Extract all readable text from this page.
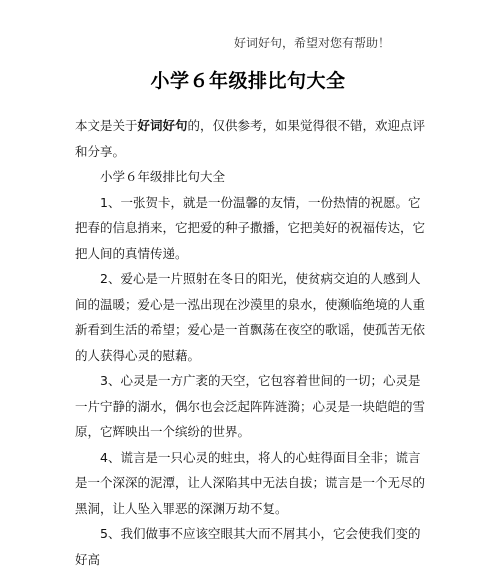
好词好句，希望对您有帮助！
小学６年级排比句大全

本文是关于好词好句的，仅供参考，如果觉得很不错，欢迎点评和分享。

小学６年级排比句大全

1、一张贺卡，就是一份温馨的友情，一份热情的祝愿。它把春的信息捎来，它把爱的种子撒播，它把美好的祝福传达，它把人间的真情传递。

2、爱心是一片照射在冬日的阳光，使贫病交迫的人感到人间的温暖；爱心是一泓出现在沙漠里的泉水，使濒临绝境的人重新看到生活的希望；爱心是一首飘荡在夜空的歌谣，使孤苦无依的人获得心灵的慰藉。

3、心灵是一方广袤的天空，它包容着世间的一切；心灵是一片宁静的湖水，偶尔也会泛起阵阵涟漪；心灵是一块皑皑的雪原，它辉映出一个缤纷的世界。

4、谎言是一只心灵的蛀虫，将人的心蛀得面目全非；谎言是一个深深的泥潭，让人深陷其中无法自拔；谎言是一个无尽的黑洞，让人坠入罪恶的深渊万劫不复。

5、我们做事不应该空眼其大而不屑其小，它会使我们变的好高
